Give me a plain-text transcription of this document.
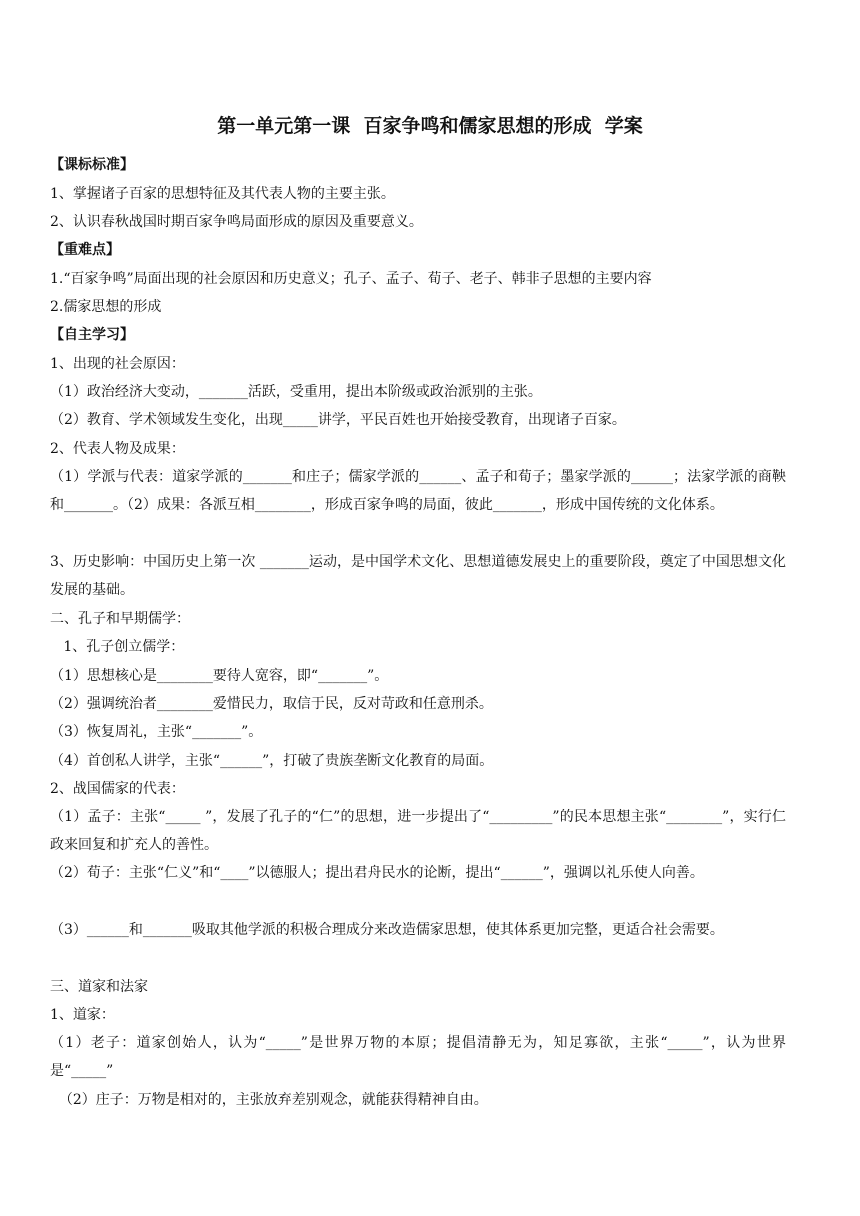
第一单元第一课  百家争鸣和儒家思想的形成  学案
【课标标准】
1、掌握诸子百家的思想特征及其代表人物的主要主张。
2、认识春秋战国时期百家争鸣局面形成的原因及重要意义。
【重难点】
1.“百家争鸣”局面出现的社会原因和历史意义；孔子、孟子、荀子、老子、韩非子思想的主要内容
2.儒家思想的形成
【自主学习】
1、出现的社会原因：
（1）政治经济大变动，_______活跃，受重用，提出本阶级或政治派别的主张。
（2）教育、学术领域发生变化，出现_____讲学，平民百姓也开始接受教育，出现诸子百家。
2、代表人物及成果：
（1）学派与代表：道家学派的_______和庄子；儒家学派的______、孟子和荀子；墨家学派的______；法家学派的商鞅和_______。（2）成果：各派互相________，形成百家争鸣的局面，彼此_______，形成中国传统的文化体系。
3、历史影响：中国历史上第一次 _______运动，是中国学术文化、思想道德发展史上的重要阶段，奠定了中国思想文化发展的基础。
二、孔子和早期儒学：
1、孔子创立儒学：
（1）思想核心是________要待人宽容，即“_______”。
（2）强调统治者________爱惜民力，取信于民，反对苛政和任意刑杀。
（3）恢复周礼，主张“_______”。
（4）首创私人讲学，主张“______”，打破了贵族垄断文化教育的局面。
2、战国儒家的代表：
（1）孟子：主张“_____ ”，发展了孔子的“仁”的思想，进一步提出了“_________”的民本思想主张“________”，实行仁政来回复和扩充人的善性。
（2）荀子：主张“仁义”和“____”以德服人；提出君舟民水的论断，提出“______”，强调以礼乐使人向善。
（3）______和_______吸取其他学派的积极合理成分来改造儒家思想，使其体系更加完整，更适合社会需要。
三、道家和法家
1、道家：
（1）老子：道家创始人，认为“_____”是世界万物的本原；提倡清静无为，知足寡欲，主张“_____”，认为世界是“_____”
（2）庄子：万物是相对的，主张放弃差别观念，就能获得精神自由。
